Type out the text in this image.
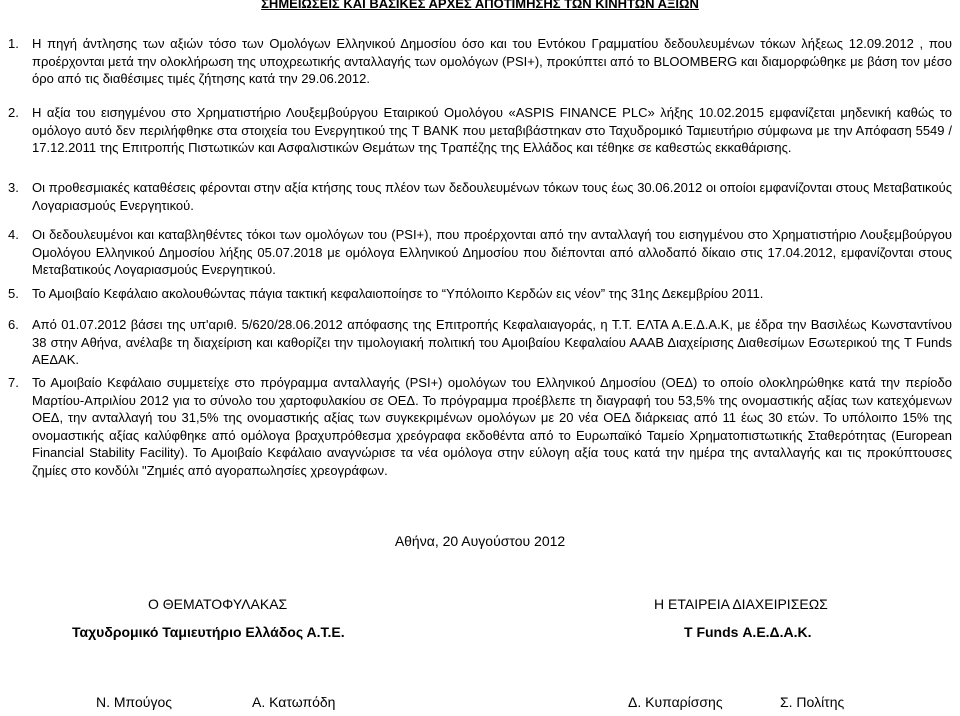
ΣΗΜΕΙΩΣΕΙΣ ΚΑΙ ΒΑΣΙΚΕΣ ΑΡΧΕΣ ΑΠΟΤΙΜΗΣΗΣ ΤΩΝ ΚΙΝΗΤΩΝ ΑΞΙΩΝ
1.	Η πηγή άντλησης των αξιών τόσο των Ομολόγων Ελληνικού Δημοσίου όσο και του Εντόκου Γραμματίου δεδουλευμένων τόκων λήξεως 12.09.2012 , που προέρχονται μετά την ολοκλήρωση της υποχρεωτικής ανταλλαγής των ομολόγων (PSI+), προκύπτει από το BLOOMBERG και διαμορφώθηκε με βάση τον μέσο όρο από τις διαθέσιμες τιμές ζήτησης κατά την 29.06.2012.
2.	Η αξία του εισηγμένου στο Χρηματιστήριο Λουξεμβούργου Εταιρικού Ομολόγου «ASPIS FINANCE PLC» λήξης 10.02.2015 εμφανίζεται μηδενική καθώς το ομόλογο αυτό δεν περιλήφθηκε στα στοιχεία του Ενεργητικού της T BANK που μεταβιβάστηκαν στο Ταχυδρομικό Ταμιευτήριο σύμφωνα με την Απόφαση 5549 / 17.12.2011 της Επιτροπής Πιστωτικών και Ασφαλιστικών Θεμάτων της Τραπέζης της Ελλάδος και τέθηκε σε καθεστώς εκκαθάρισης.
3.	Οι προθεσμιακές καταθέσεις φέρονται στην αξία κτήσης τους πλέον των δεδουλευμένων τόκων τους έως 30.06.2012 οι οποίοι εμφανίζονται στους Μεταβατικούς Λογαριασμούς Ενεργητικού.
4.	Οι δεδουλευμένοι και καταβληθέντες τόκοι των ομολόγων του (PSI+), που προέρχονται από την ανταλλαγή του εισηγμένου στο Χρηματιστήριο Λουξεμβούργου Ομολόγου Ελληνικού Δημοσίου λήξης 05.07.2018 με ομόλογα Ελληνικού Δημοσίου που διέπονται από αλλοδαπό δίκαιο στις 17.04.2012, εμφανίζονται στους Μεταβατικούς Λογαριασμούς Ενεργητικού.
5.	Το Αμοιβαίο Κεφάλαιο ακολουθώντας πάγια τακτική κεφαλαιοποίησε το “Υπόλοιπο Κερδών εις νέον” της 31ης Δεκεμβρίου 2011.
6.	Από 01.07.2012 βάσει της υπ'αριθ. 5/620/28.06.2012 απόφασης της Επιτροπής Κεφαλαιαγοράς, η Τ.Τ. ΕΛΤΑ Α.Ε.Δ.Α.Κ, με έδρα την Βασιλέως Κωνσταντίνου 38 στην Αθήνα, ανέλαβε τη διαχείριση και καθορίζει την τιμολογιακή πολιτική του Αμοιβαίου Κεφαλαίου ΑΑΑΒ Διαχείρισης Διαθεσίμων Εσωτερικού της T Funds ΑΕΔΑΚ.
7.	Το Αμοιβαίο Κεφάλαιο συμμετείχε στο πρόγραμμα ανταλλαγής (PSI+) ομολόγων του Ελληνικού Δημοσίου (ΟΕΔ) το οποίο ολοκληρώθηκε κατά την περίοδο Μαρτίου-Απριλίου 2012 για το σύνολο του χαρτοφυλακίου σε ΟΕΔ. Το πρόγραμμα προέβλεπε τη διαγραφή του 53,5% της ονομαστικής αξίας των κατεχόμενων ΟΕΔ, την ανταλλαγή του 31,5% της ονομαστικής αξίας των συγκεκριμένων ομολόγων με 20 νέα ΟΕΔ διάρκειας από 11 έως 30 ετών. Το υπόλοιπο 15% της ονομαστικής αξίας καλύφθηκε από ομόλογα βραχυπρόθεσμα χρεόγραφα εκδοθέντα από το Ευρωπαϊκό Ταμείο Χρηματοπιστωτικής Σταθερότητας (European Financial Stability Facility). Το Αμοιβαίο Κεφάλαιο αναγνώρισε τα νέα ομόλογα στην εύλογη αξία τους κατά την ημέρα της ανταλλαγής και τις προκύπτουσες ζημίες στο κονδύλι "Ζημιές από αγοραπωλησίες χρεογράφων.
Αθήνα, 20 Αυγούστου 2012
Ο ΘΕΜΑΤΟΦΥΛΑΚΑΣ	Η ΕΤΑΙΡΕΙΑ ΔΙΑΧΕΙΡΙΣΕΩΣ
Ταχυδρομικό Ταμιευτήριο Ελλάδος Α.Τ.Ε.	T Funds Α.Ε.Δ.Α.Κ.
Ν. Μπούγος	Α. Κατωπόδη	Δ. Κυπαρίσσης	Σ. Πολίτης
